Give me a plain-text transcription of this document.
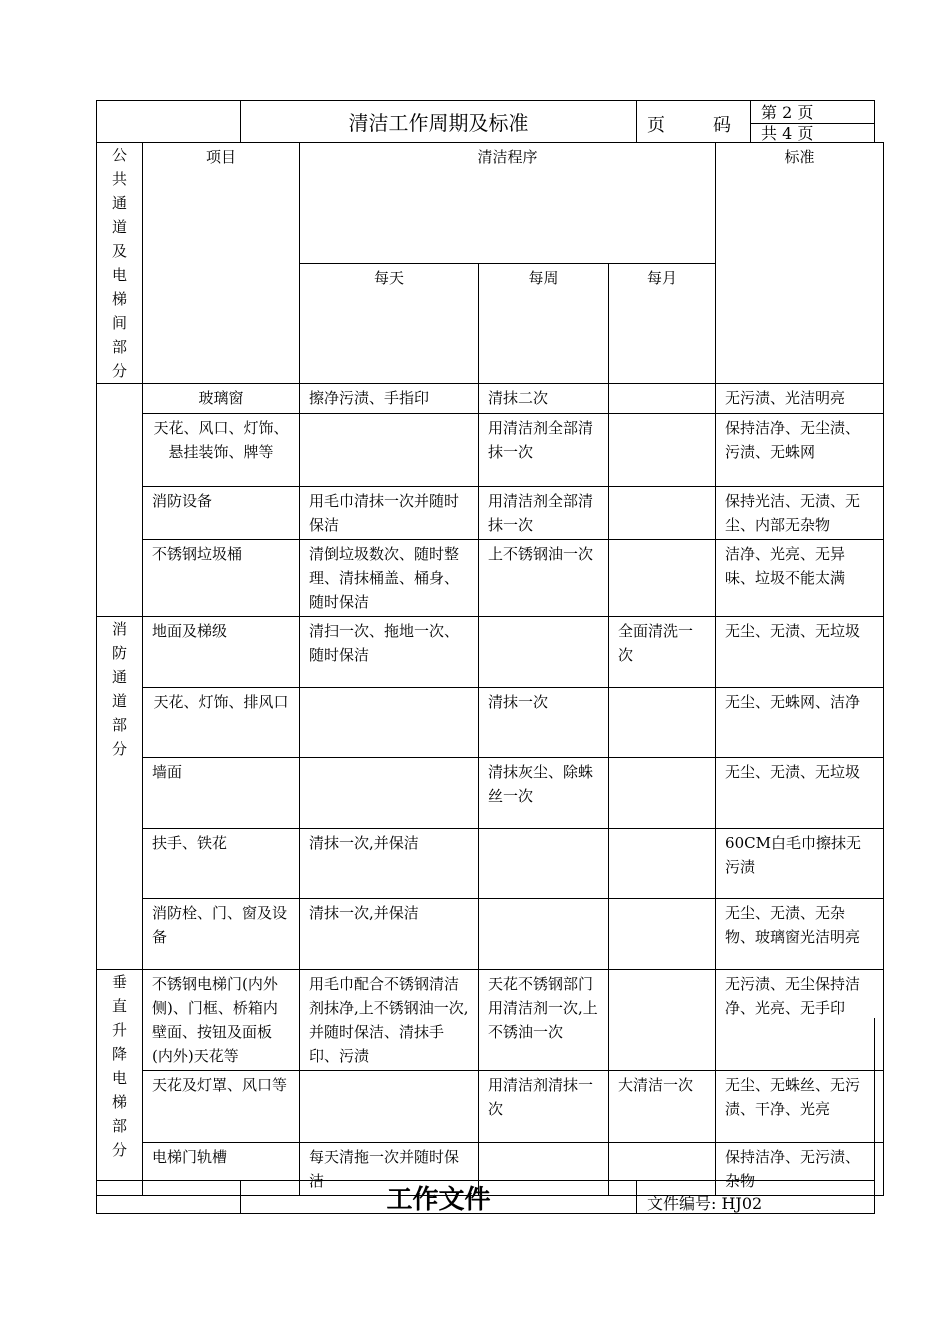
清洁工作周期及标准	页	码
第 2 页
共 4 页
公共通道及电梯间部分	项目	清洁程序			标准
		每天	每周	每月	
	玻璃窗	擦净污渍、手指印	清抹二次		无污渍、光洁明亮
	天花、风口、灯饰、悬挂装饰、牌等		用清洁剂全部清抹一次		保持洁净、无尘渍、污渍、无蛛网
	消防设备	用毛巾清抹一次并随时保洁	用清洁剂全部清抹一次		保持光洁、无渍、无尘、内部无杂物
	不锈钢垃圾桶	清倒垃圾数次、随时整理、清抹桶盖、桶身、随时保洁	上不锈钢油一次		洁净、光亮、无异味、垃圾不能太满
消防通道部分	地面及梯级	清扫一次、拖地一次、随时保洁		全面清洗一次	无尘、无渍、无垃圾
	天花、灯饰、排风口		清抹一次		无尘、无蛛网、洁净
	墙面		清抹灰尘、除蛛丝一次		无尘、无渍、无垃圾
	扶手、铁花	清抹一次,并保洁			60CM白毛巾擦抹无污渍
	消防栓、门、窗及设备	清抹一次,并保洁			无尘、无渍、无杂物、玻璃窗光洁明亮
垂直升降电梯部分	不锈钢电梯门(内外侧)、门框、桥箱内壁面、按钮及面板(内外)天花等	用毛巾配合不锈钢清洁剂抹净,上不锈钢油一次,并随时保洁、清抹手印、污渍	天花不锈钢部门用清洁剂一次,上不锈油一次		无污渍、无尘保持洁净、光亮、无手印
	天花及灯罩、风口等		用清洁剂清抹一次	大清洁一次	无尘、无蛛丝、无污渍、干净、光亮
	电梯门轨槽	每天清拖一次并随时保洁			保持洁净、无污渍、杂物
工作文件	文件编号: HJ02
